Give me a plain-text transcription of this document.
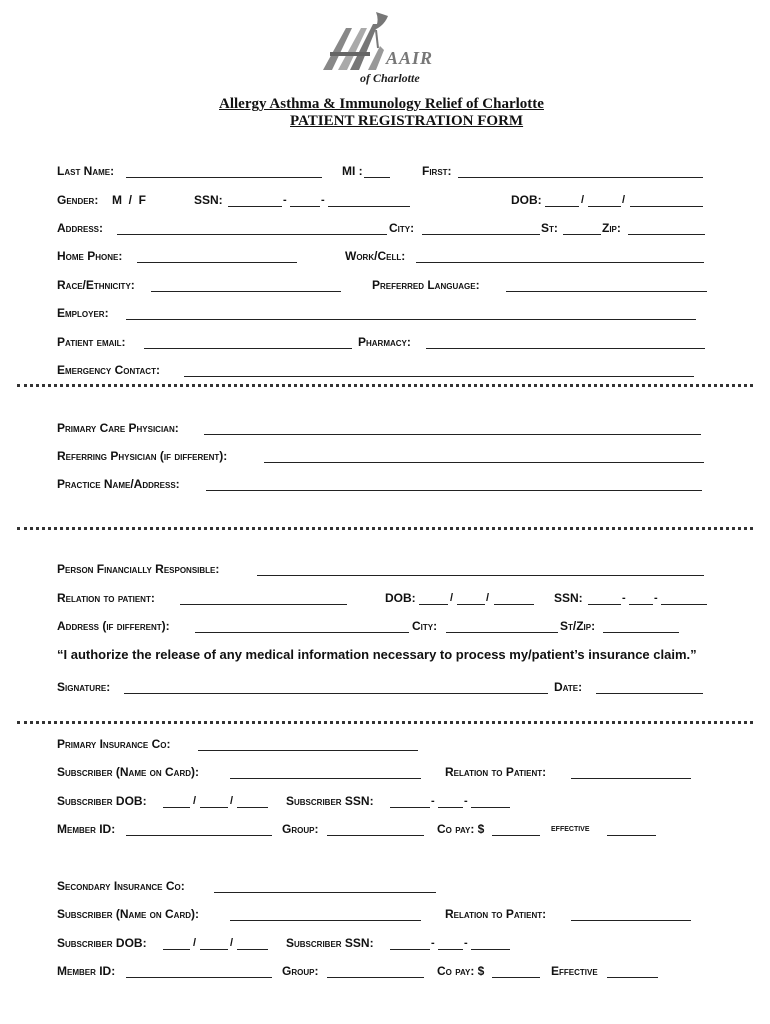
AAIR
of Charlotte
Allergy Asthma & Immunology Relief of Charlotte
PATIENT REGISTRATION FORM
Last Name:	MI :	First:
Gender: M  /  F	SSN:	-	-	DOB:	/	/
Address:	City:	St:	Zip:
Home Phone:	Work/Cell:
Race/Ethnicity:	Preferred Language:
Employer:
Patient email:	Pharmacy:
Emergency Contact:
Primary Care Physician:
Referring Physician (if different):
Practice Name/Address:
Person Financially Responsible:
Relation to patient:	DOB:	/	/	SSN:	-	-
Address (if different):	City:	St/Zip:
“I authorize the release of any medical information necessary to process my/patient’s insurance claim.”
Signature:	Date:
Primary Insurance Co:
Subscriber (Name on Card):	Relation to Patient:
Subscriber DOB:	/	/	Subscriber SSN:	-	-
Member ID:	Group:	Co pay: $	effective
Secondary Insurance Co:
Subscriber (Name on Card):	Relation to Patient:
Subscriber DOB:	/	/	Subscriber SSN:	-	-
Member ID:	Group:	Co pay: $	Effective
